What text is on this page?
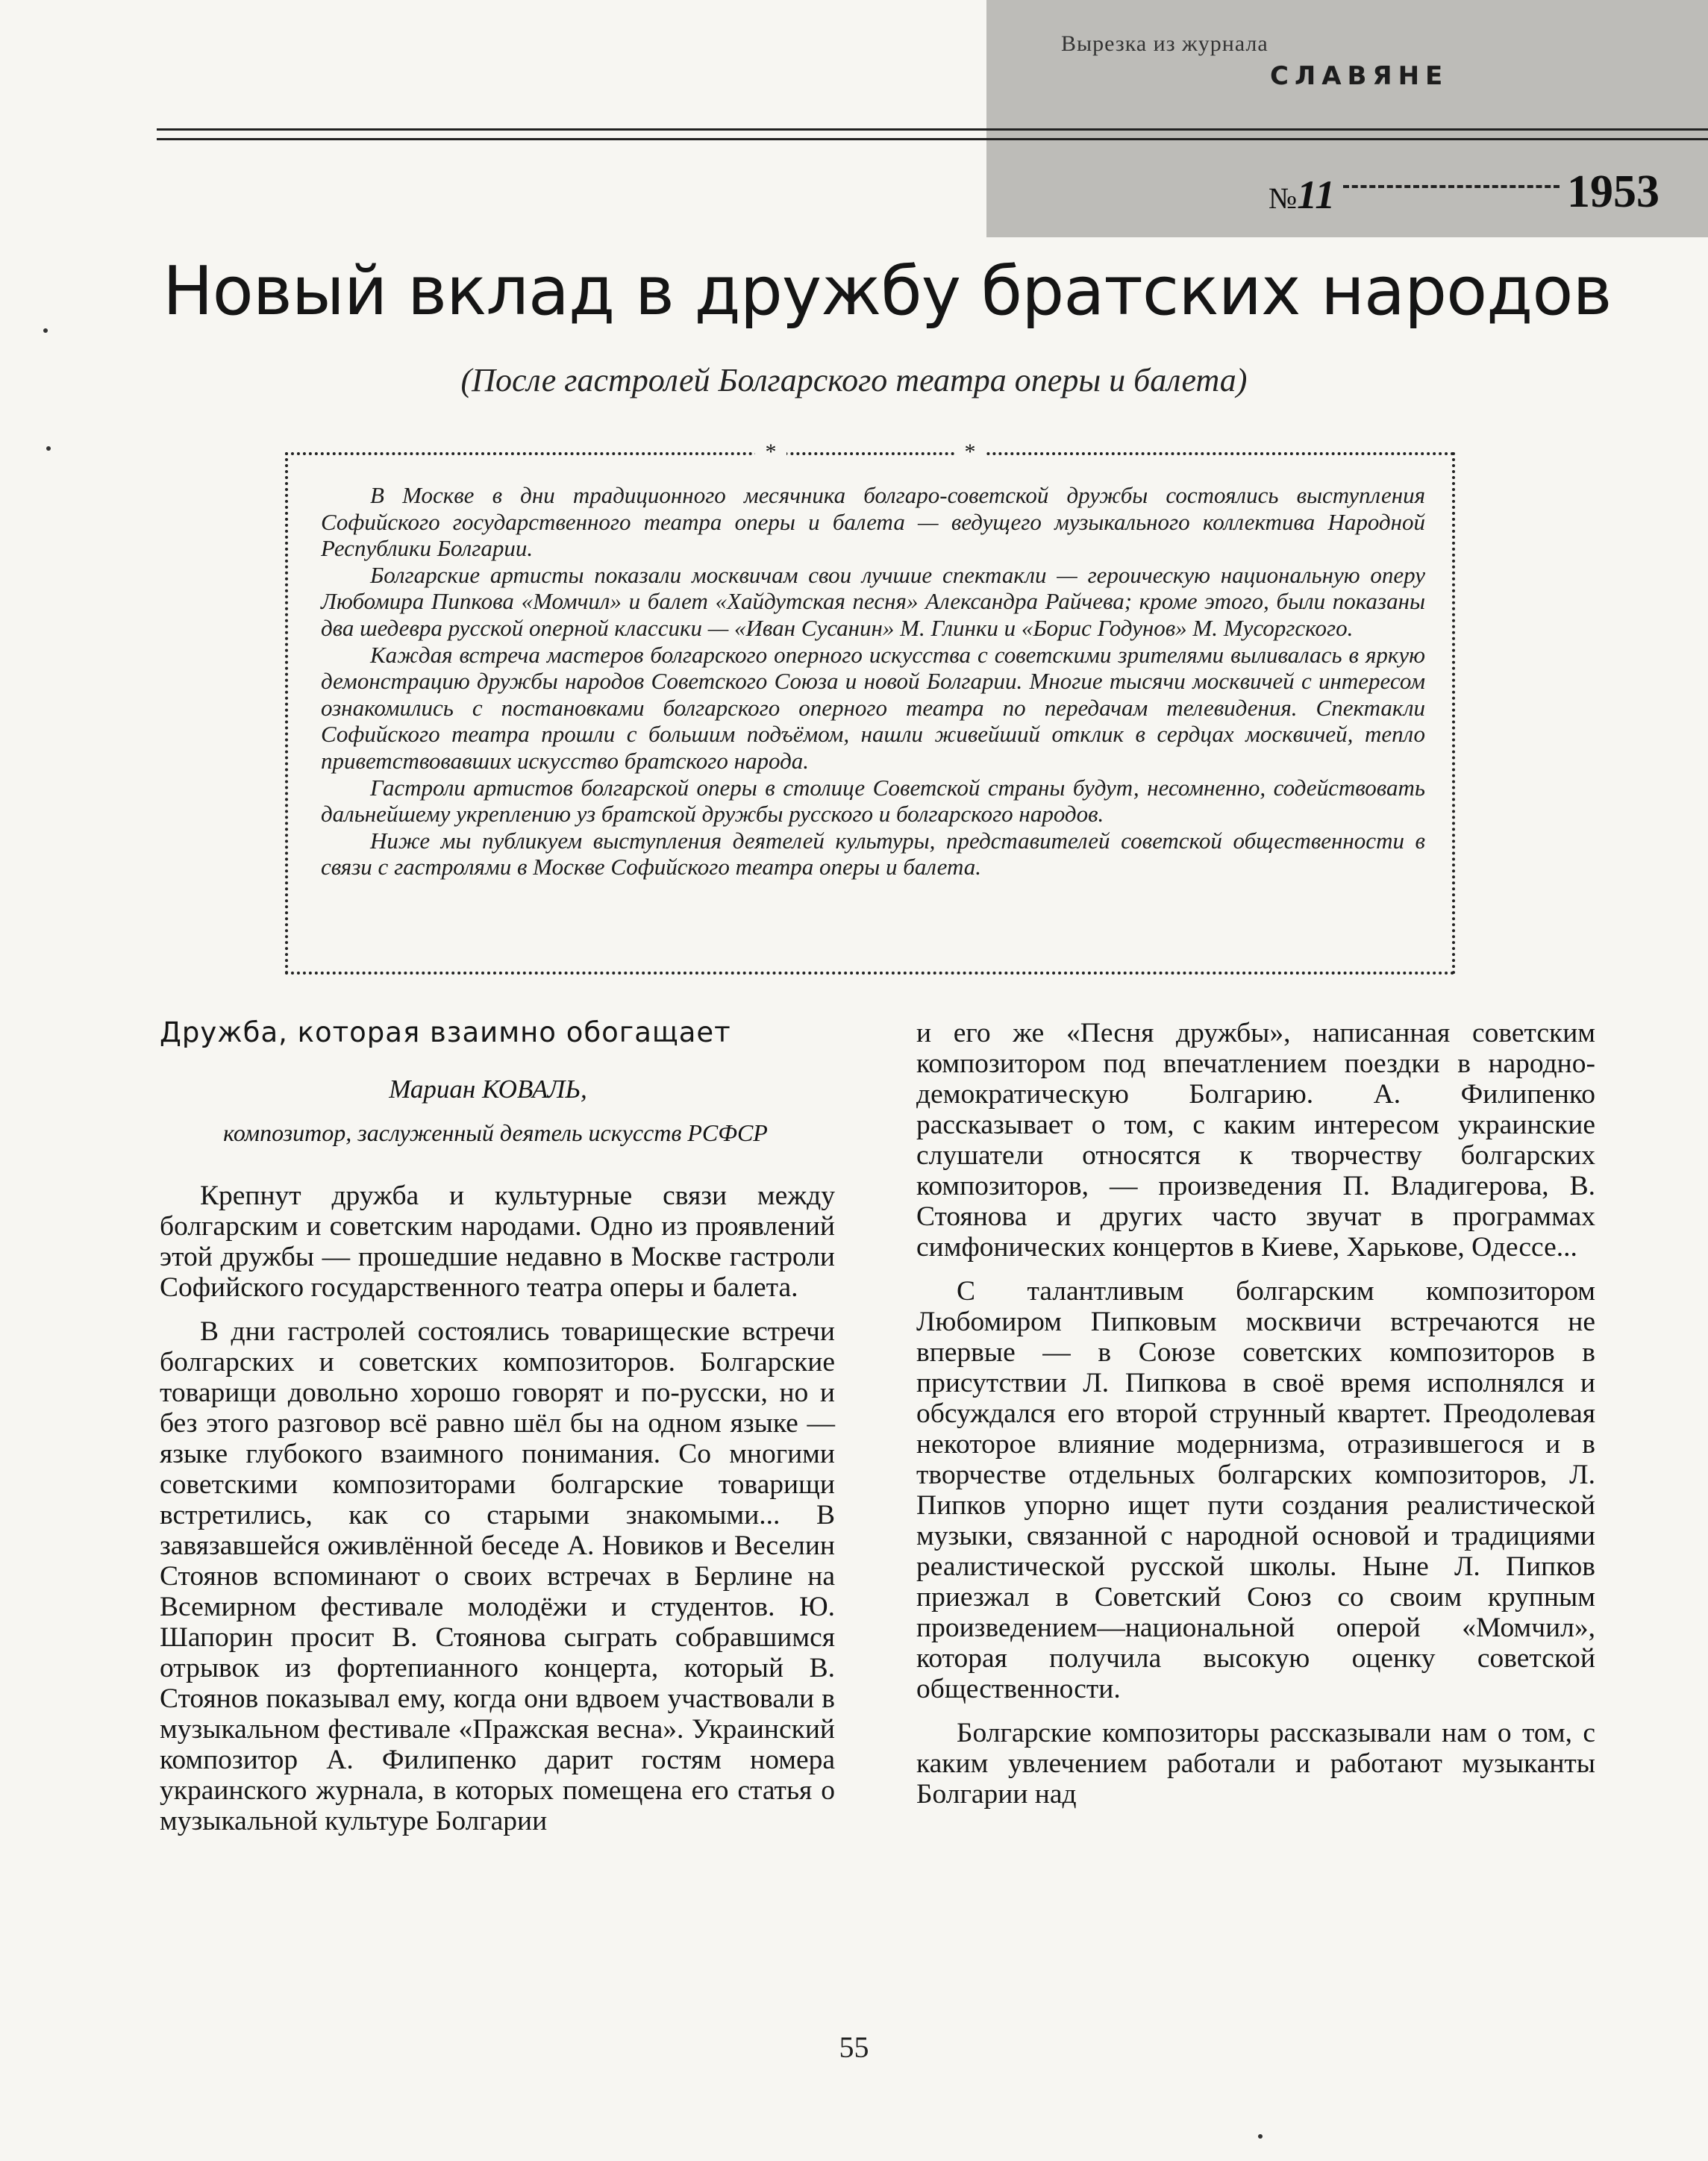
Вырезка из журнала
СЛАВЯНЕ
№11	1953
Новый вклад в дружбу братских народов
(После гастролей Болгарского театра оперы и балета)
*	*

В Москве в дни традиционного месячника болгаро-советской дружбы состоялись выступления Софийского государственного театра оперы и балета — ведущего музыкального коллектива Народной Республики Болгарии.

Болгарские артисты показали москвичам свои лучшие спектакли — героическую национальную оперу Любомира Пипкова «Момчил» и балет «Хайдутская песня» Александра Райчева; кроме этого, были показаны два шедевра русской оперной классики — «Иван Сусанин» М. Глинки и «Борис Годунов» М. Мусоргского.

Каждая встреча мастеров болгарского оперного искусства с советскими зрителями выливалась в яркую демонстрацию дружбы народов Советского Союза и новой Болгарии. Многие тысячи москвичей с интересом ознакомились с постановками болгарского оперного театра по передачам телевидения. Спектакли Софийского театра прошли с большим подъёмом, нашли живейший отклик в сердцах москвичей, тепло приветствовавших искусство братского народа.

Гастроли артистов болгарской оперы в столице Советской страны будут, несомненно, содействовать дальнейшему укреплению уз братской дружбы русского и болгарского народов.

Ниже мы публикуем выступления деятелей культуры, представителей советской общественности в связи с гастролями в Москве Софийского театра оперы и балета.

Дружба, которая взаимно обогащает
Мариан КОВАЛЬ,
композитор, заслуженный деятель искусств РСФСР

Крепнут дружба и культурные связи между болгарским и советским народами. Одно из проявлений этой дружбы — прошедшие недавно в Москве гастроли Софийского государственного театра оперы и балета.

В дни гастролей состоялись товарищеские встречи болгарских и советских композиторов. Болгарские товарищи довольно хорошо говорят и по-русски, но и без этого разговор всё равно шёл бы на одном языке — языке глубокого взаимного понимания. Со многими советскими композиторами болгарские товарищи встретились, как со старыми знакомыми... В завязавшейся оживлённой беседе А. Новиков и Веселин Стоянов вспоминают о своих встречах в Берлине на Всемирном фестивале молодёжи и студентов. Ю. Шапорин просит В. Стоянова сыграть собравшимся отрывок из фортепианного концерта, который В. Стоянов показывал ему, когда они вдвоем участвовали в музыкальном фестивале «Пражская весна». Украинский композитор А. Филипенко дарит гостям номера украинского журнала, в которых помещена его статья о музыкальной культуре Болгарии

и его же «Песня дружбы», написанная советским композитором под впечатлением поездки в народно-демократическую Болгарию. А. Филипенко рассказывает о том, с каким интересом украинские слушатели относятся к творчеству болгарских композиторов, — произведения П. Владигерова, В. Стоянова и других часто звучат в программах симфонических концертов в Киеве, Харькове, Одессе...

С талантливым болгарским композитором Любомиром Пипковым москвичи встречаются не впервые — в Союзе советских композиторов в присутствии Л. Пипкова в своё время исполнялся и обсуждался его второй струнный квартет. Преодолевая некоторое влияние модернизма, отразившегося и в творчестве отдельных болгарских композиторов, Л. Пипков упорно ищет пути создания реалистической музыки, связанной с народной основой и традициями реалистической русской школы. Ныне Л. Пипков приезжал в Советский Союз со своим крупным произведением—национальной оперой «Момчил», которая получила высокую оценку советской общественности.

Болгарские композиторы рассказывали нам о том, с каким увлечением работали и работают музыканты Болгарии над

55
